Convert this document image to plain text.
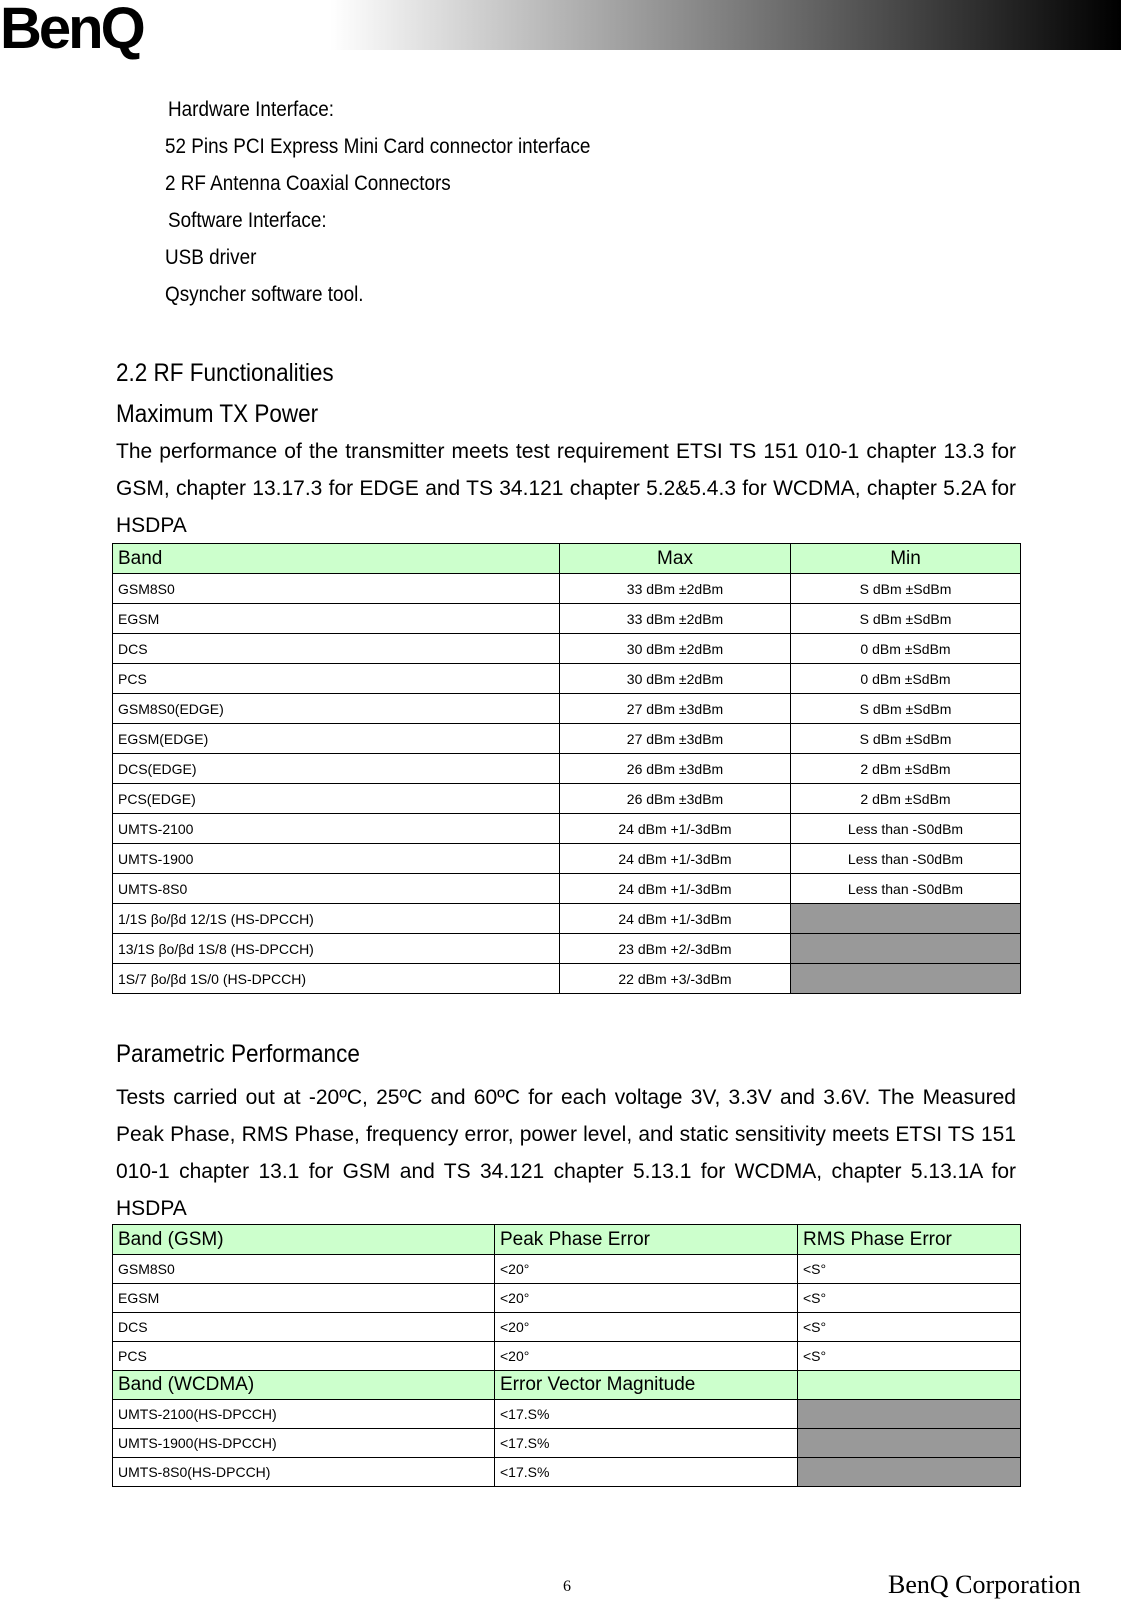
BenQ
Hardware Interface:
52 Pins PCI Express Mini Card connector interface
2 RF Antenna Coaxial Connectors
Software Interface:
USB driver
Qsyncher software tool.
2.2 RF Functionalities
Maximum TX Power
The performance of the transmitter meets test requirement ETSI TS 151 010-1 chapter 13.3 for GSM, chapter 13.17.3 for EDGE and TS 34.121 chapter 5.2&5.4.3 for WCDMA, chapter 5.2A for HSDPA
Band	Max	Min
GSM8S0	33 dBm ±2dBm	S dBm ±SdBm
EGSM	33 dBm ±2dBm	S dBm ±SdBm
DCS	30 dBm ±2dBm	0 dBm ±SdBm
PCS	30 dBm ±2dBm	0 dBm ±SdBm
GSM8S0(EDGE)	27 dBm ±3dBm	S dBm ±SdBm
EGSM(EDGE)	27 dBm ±3dBm	S dBm ±SdBm
DCS(EDGE)	26 dBm ±3dBm	2 dBm ±SdBm
PCS(EDGE)	26 dBm ±3dBm	2 dBm ±SdBm
UMTS-2100	24 dBm +1/-3dBm	Less than -S0dBm
UMTS-1900	24 dBm +1/-3dBm	Less than -S0dBm
UMTS-8S0	24 dBm +1/-3dBm	Less than -S0dBm
1/1S βo/βd 12/1S (HS-DPCCH)	24 dBm +1/-3dBm	
13/1S βo/βd 1S/8 (HS-DPCCH)	23 dBm +2/-3dBm	
1S/7 βo/βd 1S/0 (HS-DPCCH)	22 dBm +3/-3dBm	
Parametric Performance
Tests carried out at -20ºC, 25ºC and 60ºC for each voltage 3V, 3.3V and 3.6V. The Measured Peak Phase, RMS Phase, frequency error, power level, and static sensitivity meets ETSI TS 151 010-1 chapter 13.1 for GSM and TS 34.121 chapter 5.13.1 for WCDMA, chapter 5.13.1A for HSDPA
Band (GSM)	Peak Phase Error	RMS Phase Error
GSM8S0	<20°	<S°
EGSM	<20°	<S°
DCS	<20°	<S°
PCS	<20°	<S°
Band (WCDMA)	Error Vector Magnitude	
UMTS-2100(HS-DPCCH)	<17.S%	
UMTS-1900(HS-DPCCH)	<17.S%	
UMTS-8S0(HS-DPCCH)	<17.S%	
6	BenQ Corporation
